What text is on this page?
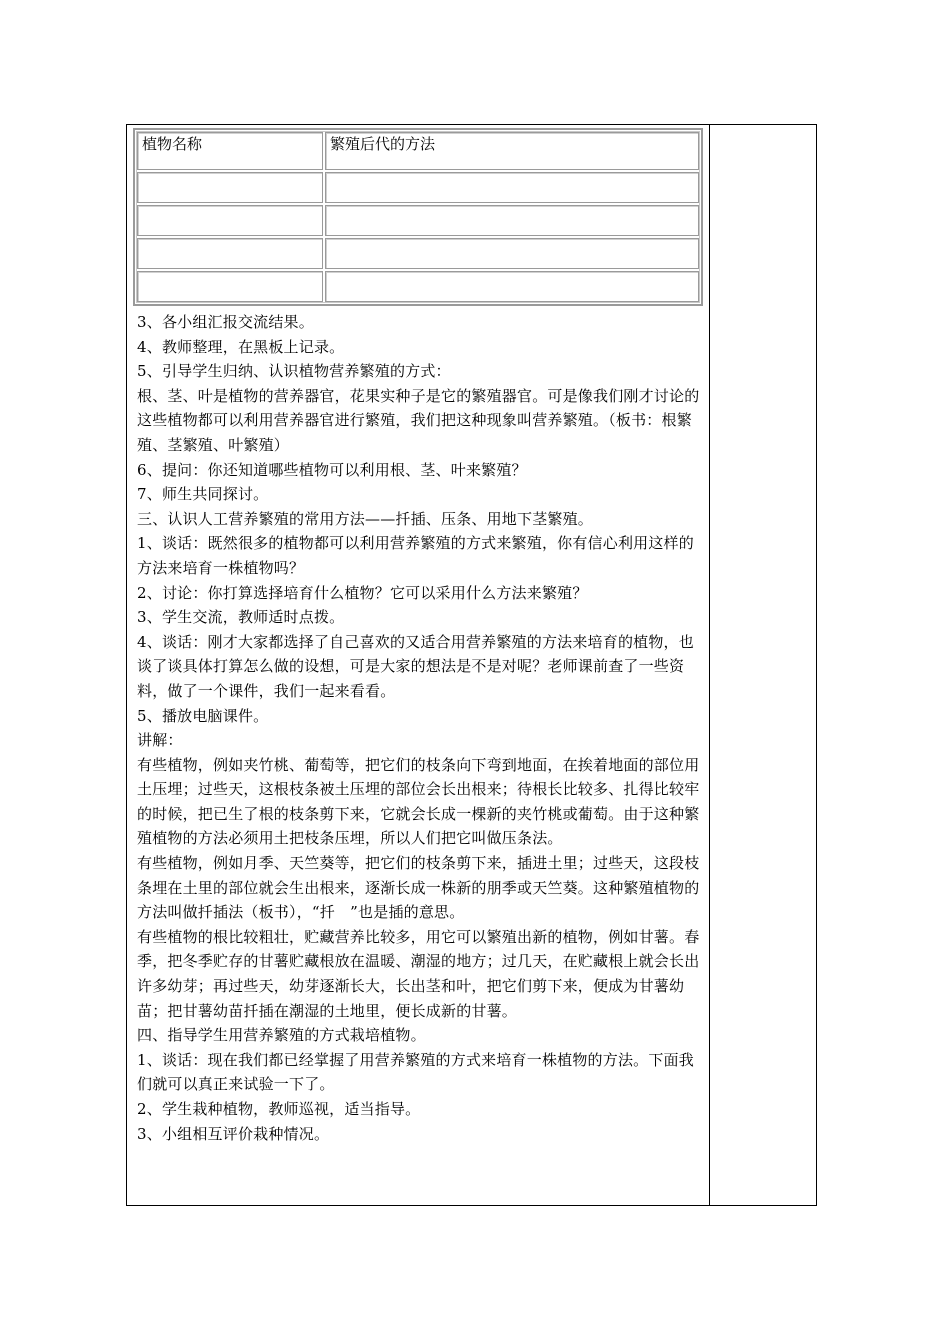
植物名称	繁殖后代的方法

3、各小组汇报交流结果。

4、教师整理，在黑板上记录。

5、引导学生归纳、认识植物营养繁殖的方式：

根、茎、叶是植物的营养器官，花果实种子是它的繁殖器官。可是像我们刚才讨论的这些植物都可以利用营养器官进行繁殖，我们把这种现象叫营养繁殖。（板书：根繁殖、茎繁殖、叶繁殖）

6、提问：你还知道哪些植物可以利用根、茎、叶来繁殖？

7、师生共同探讨。

三、认识人工营养繁殖的常用方法——扦插、压条、用地下茎繁殖。

1、谈话：既然很多的植物都可以利用营养繁殖的方式来繁殖，你有信心利用这样的方法来培育一株植物吗？

2、讨论：你打算选择培育什么植物？它可以采用什么方法来繁殖？

3、学生交流，教师适时点拨。

4、谈话：刚才大家都选择了自己喜欢的又适合用营养繁殖的方法来培育的植物，也谈了谈具体打算怎么做的设想，可是大家的想法是不是对呢？老师课前查了一些资料，做了一个课件，我们一起来看看。

5、播放电脑课件。

讲解：

有些植物，例如夹竹桃、葡萄等，把它们的枝条向下弯到地面，在挨着地面的部位用土压埋；过些天，这根枝条被土压埋的部位会长出根来；待根长比较多、扎得比较牢的时候，把已生了根的枝条剪下来，它就会长成一棵新的夹竹桃或葡萄。由于这种繁殖植物的方法必须用土把枝条压埋，所以人们把它叫做压条法。

有些植物，例如月季、天竺葵等，把它们的枝条剪下来，插进土里；过些天，这段枝条埋在土里的部位就会生出根来，逐渐长成一株新的朋季或天竺葵。这种繁殖植物的方法叫做扦插法（板书），“扦　”也是插的意思。

有些植物的根比较粗壮，贮藏营养比较多，用它可以繁殖出新的植物，例如甘薯。春季，把冬季贮存的甘薯贮藏根放在温暖、潮湿的地方；过几天，在贮藏根上就会长出许多幼芽；再过些天，幼芽逐渐长大，长出茎和叶，把它们剪下来，便成为甘薯幼苗；把甘薯幼苗扦插在潮湿的土地里，便长成新的甘薯。

四、指导学生用营养繁殖的方式栽培植物。

1、谈话：现在我们都已经掌握了用营养繁殖的方式来培育一株植物的方法。下面我们就可以真正来试验一下了。

2、学生栽种植物，教师巡视，适当指导。

3、小组相互评价栽种情况。
